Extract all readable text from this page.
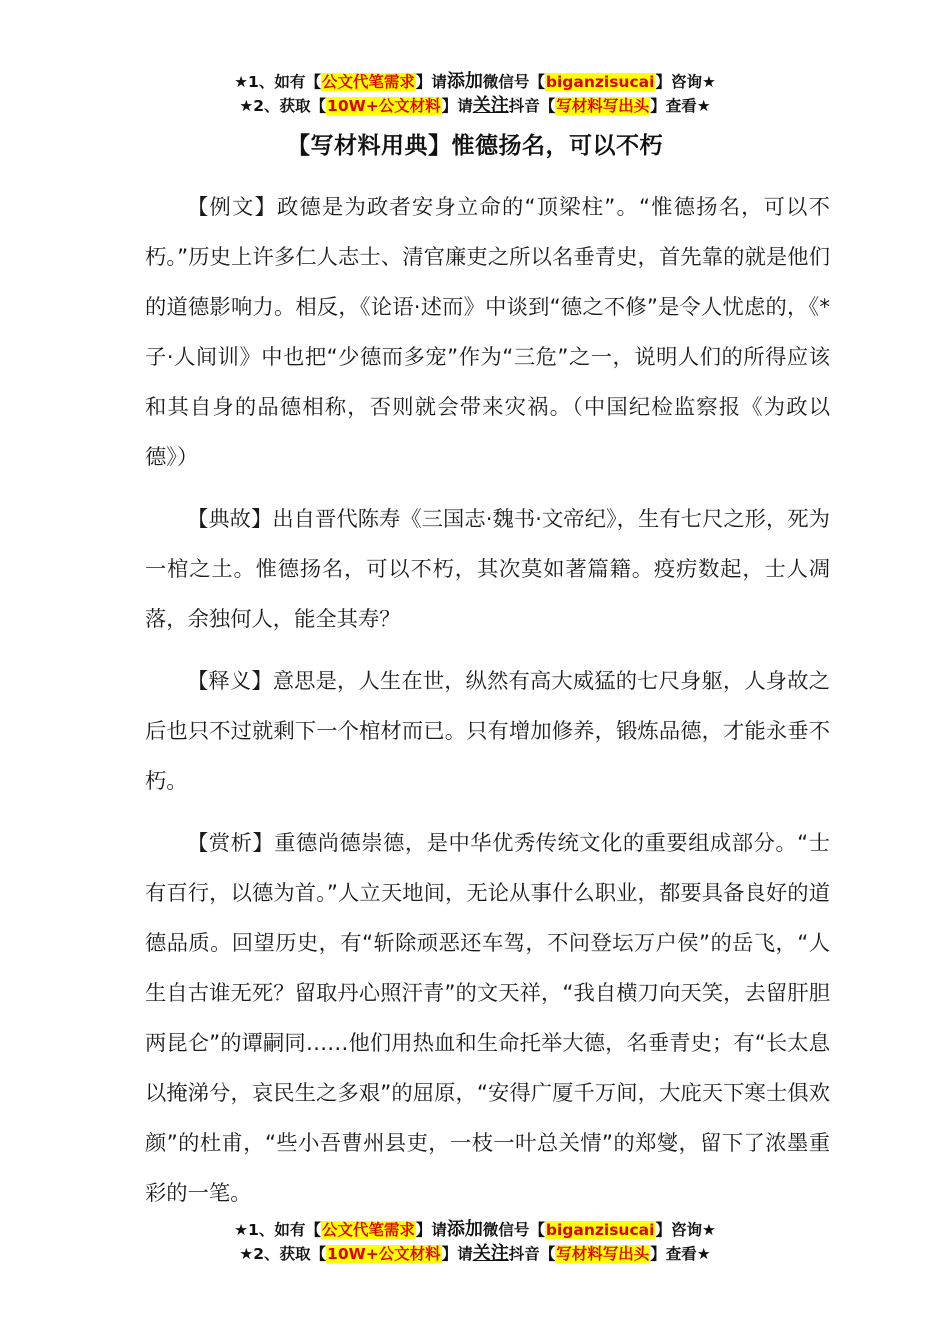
★1、如有【公文代笔需求】请添加微信号【biganzisucai】咨询★
★2、获取【10W+公文材料】请关注抖音【写材料写出头】查看★
【写材料用典】惟德扬名，可以不朽

【例文】政德是为政者安身立命的“顶梁柱”。“惟德扬名，可以不朽。”历史上许多仁人志士、清官廉吏之所以名垂青史，首先靠的就是他们的道德影响力。相反，《论语·述而》中谈到“德之不修”是令人忧虑的，《*子·人间训》中也把“少德而多宠”作为“三危”之一，说明人们的所得应该和其自身的品德相称，否则就会带来灾祸。（中国纪检监察报《为政以德》）

【典故】出自晋代陈寿《三国志·魏书·文帝纪》，生有七尺之形，死为一棺之土。惟德扬名，可以不朽，其次莫如著篇籍。疫疠数起，士人凋落，余独何人，能全其寿？

【释义】意思是，人生在世，纵然有高大威猛的七尺身躯，人身故之后也只不过就剩下一个棺材而已。只有增加修养，锻炼品德，才能永垂不朽。

【赏析】重德尚德崇德，是中华优秀传统文化的重要组成部分。“士有百行，以德为首。”人立天地间，无论从事什么职业，都要具备良好的道德品质。回望历史，有“斩除顽恶还车驾，不问登坛万户侯”的岳飞，“人生自古谁无死？留取丹心照汗青”的文天祥，“我自横刀向天笑，去留肝胆两昆仑”的谭嗣同……他们用热血和生命托举大德，名垂青史；有“长太息以掩涕兮，哀民生之多艰”的屈原，“安得广厦千万间，大庇天下寒士俱欢颜”的杜甫，“些小吾曹州县吏，一枝一叶总关情”的郑燮，留下了浓墨重彩的一笔。

★1、如有【公文代笔需求】请添加微信号【biganzisucai】咨询★
★2、获取【10W+公文材料】请关注抖音【写材料写出头】查看★
